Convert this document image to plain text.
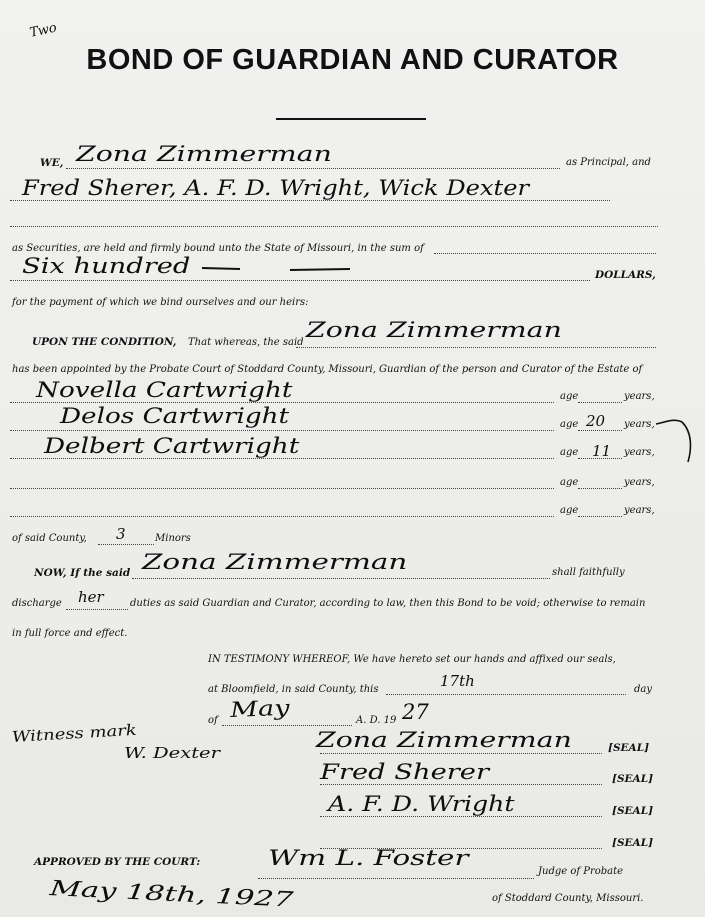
Two
BOND OF GUARDIAN AND CURATOR
WE, Zona Zimmerman	as Principal, and
Fred Sherer, A. F. D. Wright, Wick Dexter
as Securities, are held and firmly bound unto the State of Missouri, in the sum of
Six hundred	DOLLARS,
for the payment of which we bind ourselves and our heirs:
UPON THE CONDITION, That whereas, the said
Zona Zimmerman
has been appointed by the Probate Court of Stoddard County, Missouri, Guardian of the person and Curator of the Estate of
Novella Cartwright	age	years,
Delos Cartwright	age 20 years,
Delbert Cartwright	age 11 years,
age	years,
age	years,
of said County, 3	Minors
NOW, If the said Zona Zimmerman	shall faithfully
discharge her	duties as said Guardian and Curator, according to law, then this Bond to be void; otherwise to remain
in full force and effect.
IN TESTIMONY WHEREOF, We have hereto set our hands and affixed our seals,
at Bloomfield, in said County, this	17th	day
of May	A. D. 19 27
Witness mark
W. Dexter
Zona Zimmerman	[SEAL]
Fred Sherer	[SEAL]
A. F. D. Wright	[SEAL]
[SEAL]
APPROVED BY THE COURT:	Wm L. Foster
Judge of Probate
May 18th, 1927	of Stoddard County, Missouri.
